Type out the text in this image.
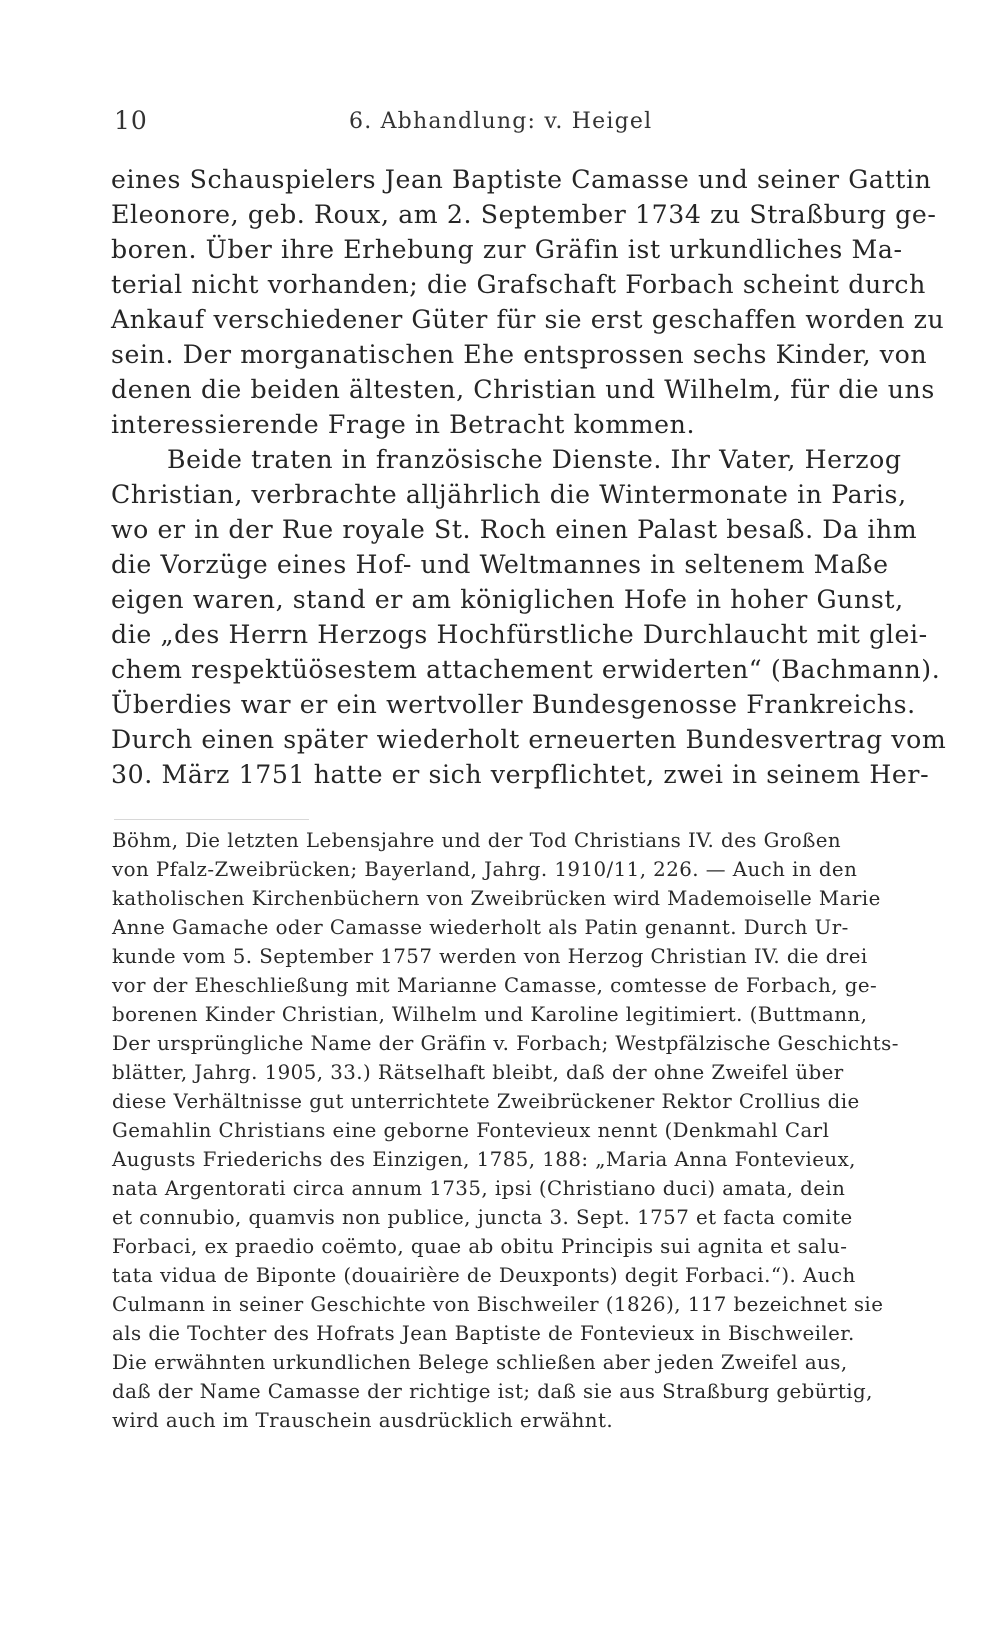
10	6. Abhandlung: v. Heigel

eines Schauspielers Jean Baptiste Camasse und seiner Gattin

Eleonore, geb. Roux, am 2. September 1734 zu Straßburg ge-

boren. Über ihre Erhebung zur Gräfin ist urkundliches Ma-

terial nicht vorhanden; die Grafschaft Forbach scheint durch

Ankauf verschiedener Güter für sie erst geschaffen worden zu

sein. Der morganatischen Ehe entsprossen sechs Kinder, von

denen die beiden ältesten, Christian und Wilhelm, für die uns

interessierende Frage in Betracht kommen.

Beide traten in französische Dienste. Ihr Vater, Herzog

Christian, verbrachte alljährlich die Wintermonate in Paris,

wo er in der Rue royale St. Roch einen Palast besaß. Da ihm

die Vorzüge eines Hof- und Weltmannes in seltenem Maße

eigen waren, stand er am königlichen Hofe in hoher Gunst,

die „des Herrn Herzogs Hochfürstliche Durchlaucht mit glei-

chem respektüösestem attachement erwiderten“ (Bachmann).

Überdies war er ein wertvoller Bundesgenosse Frankreichs.

Durch einen später wiederholt erneuerten Bundesvertrag vom

30. März 1751 hatte er sich verpflichtet, zwei in seinem Her-

Böhm, Die letzten Lebensjahre und der Tod Christians IV. des Großen

von Pfalz-Zweibrücken; Bayerland, Jahrg. 1910/11, 226. — Auch in den

katholischen Kirchenbüchern von Zweibrücken wird Mademoiselle Marie

Anne Gamache oder Camasse wiederholt als Patin genannt. Durch Ur-

kunde vom 5. September 1757 werden von Herzog Christian IV. die drei

vor der Eheschließung mit Marianne Camasse, comtesse de Forbach, ge-

borenen Kinder Christian, Wilhelm und Karoline legitimiert. (Buttmann,

Der ursprüngliche Name der Gräfin v. Forbach; Westpfälzische Geschichts-

blätter, Jahrg. 1905, 33.) Rätselhaft bleibt, daß der ohne Zweifel über

diese Verhältnisse gut unterrichtete Zweibrückener Rektor Crollius die

Gemahlin Christians eine geborne Fontevieux nennt (Denkmahl Carl

Augusts Friederichs des Einzigen, 1785, 188: „Maria Anna Fontevieux,

nata Argentorati circa annum 1735, ipsi (Christiano duci) amata, dein

et connubio, quamvis non publice, juncta 3. Sept. 1757 et facta comite

Forbaci, ex praedio coëmto, quae ab obitu Principis sui agnita et salu-

tata vidua de Biponte (douairière de Deuxponts) degit Forbaci.“). Auch

Culmann in seiner Geschichte von Bischweiler (1826), 117 bezeichnet sie

als die Tochter des Hofrats Jean Baptiste de Fontevieux in Bischweiler.

Die erwähnten urkundlichen Belege schließen aber jeden Zweifel aus,

daß der Name Camasse der richtige ist; daß sie aus Straßburg gebürtig,

wird auch im Trauschein ausdrücklich erwähnt.
